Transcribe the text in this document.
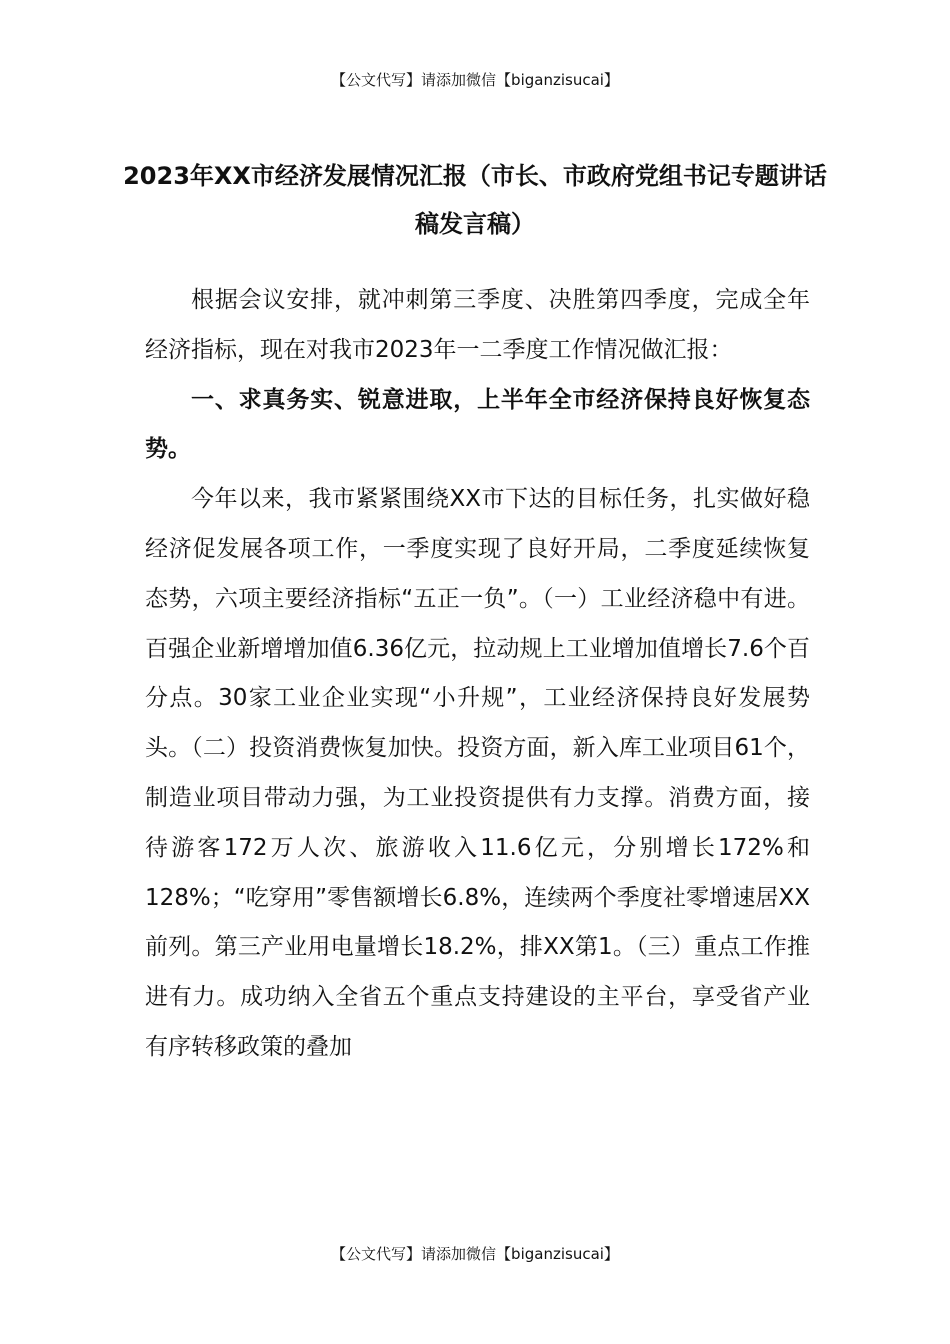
【公文代写】请添加微信【biganzisucai】
2023年XX市经济发展情况汇报（市长、市政府党组书记专题讲话稿发言稿）

根据会议安排，就冲刺第三季度、决胜第四季度，完成全年经济指标，现在对我市2023年一二季度工作情况做汇报：

一、求真务实、锐意进取，上半年全市经济保持良好恢复态势。

今年以来，我市紧紧围绕XX市下达的目标任务，扎实做好稳经济促发展各项工作，一季度实现了良好开局，二季度延续恢复态势，六项主要经济指标“五正一负”。（一）工业经济稳中有进。百强企业新增增加值6.36亿元，拉动规上工业增加值增长7.6个百分点。30家工业企业实现“小升规”，工业经济保持良好发展势头。（二）投资消费恢复加快。投资方面，新入库工业项目61个，制造业项目带动力强，为工业投资提供有力支撑。消费方面，接待游客172万人次、旅游收入11.6亿元，分别增长172%和128%；“吃穿用”零售额增长6.8%，连续两个季度社零增速居XX前列。第三产业用电量增长18.2%，排XX第1。（三）重点工作推进有力。成功纳入全省五个重点支持建设的主平台，享受省产业有序转移政策的叠加

【公文代写】请添加微信【biganzisucai】
